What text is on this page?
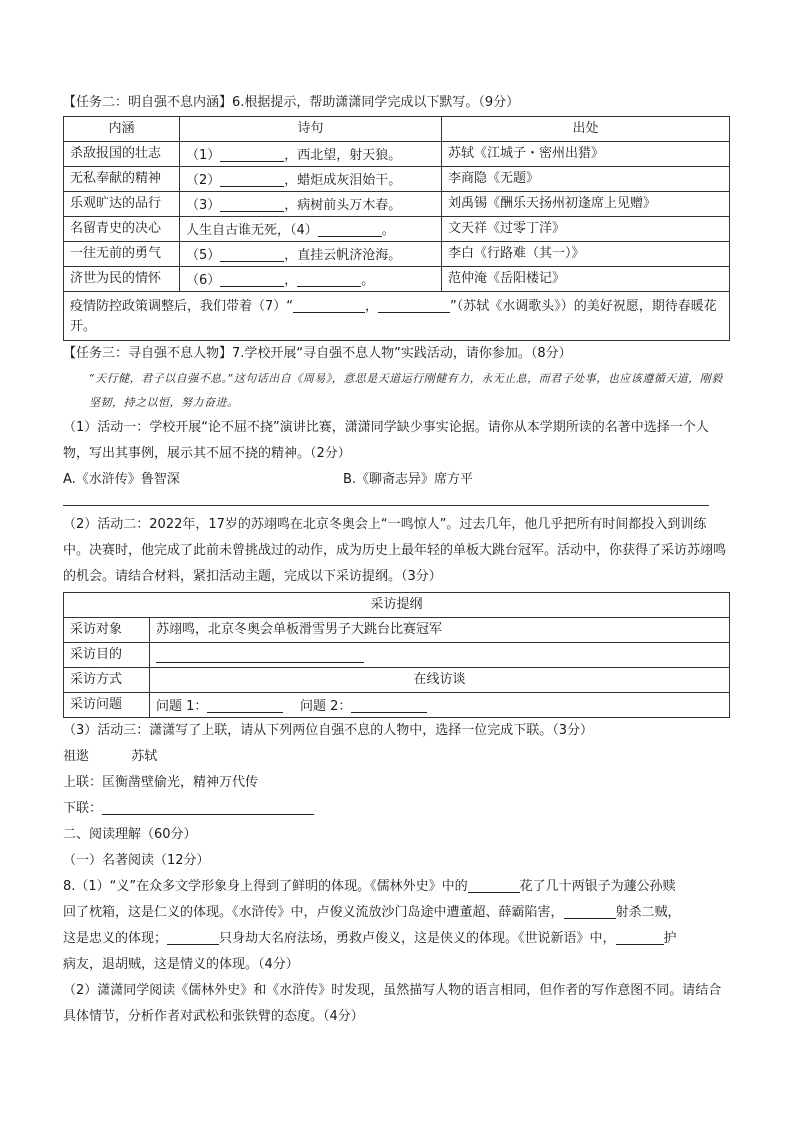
【任务二：明自强不息内涵】6.根据提示，帮助潇潇同学完成以下默写。（9分）
内涵	诗句	出处
杀敌报国的壮志	（1） ，西北望，射天狼。	苏轼《江城子・密州出猎》
无私奉献的精神	（2） ，蜡炬成灰泪始干。	李商隐《无题》
乐观旷达的品行	（3） ，病树前头万木春。	刘禹锡《酬乐天扬州初逢席上见赠》
名留青史的决心	人生自古谁无死，（4） 。	文天祥《过零丁洋》
一往无前的勇气	（5） ，直挂云帆济沧海。	李白《行路难（其一）》
济世为民的情怀	（6） ， 。	范仲淹《岳阳楼记》
疫情防控政策调整后，我们带着（7）“ ， ”（苏轼《水调歌头》）的美好祝愿，期待春暖花开。		
【任务三：寻自强不息人物】7.学校开展“寻自强不息人物”实践活动，请你参加。（8分）
“天行健，君子以自强不息。”这句话出自《周易》，意思是天道运行刚健有力，永无止息，而君子处事，也应该遵循天道，刚毅坚韧，持之以恒，努力奋进。
（1）活动一：学校开展“论不屈不挠”演讲比赛，潇潇同学缺少事实论据。请你从本学期所读的名著中选择一个人物，写出其事例，展示其不屈不挠的精神。（2分）
A.《水浒传》鲁智深	B.《聊斋志异》席方平
（2）活动二：2022年，17岁的苏翊鸣在北京冬奥会上“一鸣惊人”。过去几年，他几乎把所有时间都投入到训练中。决赛时，他完成了此前未曾挑战过的动作，成为历史上最年轻的单板大跳台冠军。活动中，你获得了采访苏翊鸣的机会。请结合材料，紧扣活动主题，完成以下采访提纲。（3分）
采访提纲	
采访对象	苏翊鸣，北京冬奥会单板滑雪男子大跳台比赛冠军
采访目的	
采访方式	在线访谈
采访问题	问题 1： 问题 2：
（3）活动三：潇潇写了上联，请从下列两位自强不息的人物中，选择一位完成下联。（3分）
祖逖	苏轼
上联：匡衡凿壁偷光，精神万代传
下联：
二、阅读理解（60分）
（一）名著阅读（12分）
8.（1）“义”在众多文学形象身上得到了鲜明的体现。《儒林外史》中的	花了几十两银子为蘧公孙赎
回了枕箱，这是仁义的体现。《水浒传》中，卢俊义流放沙门岛途中遭董超、薛霸陷害，	射杀二贼，
这是忠义的体现；	只身劫大名府法场，勇救卢俊义，这是侠义的体现。《世说新语》中，	护
病友，退胡贼，这是情义的体现。（4分）
（2）潇潇同学阅读《儒林外史》和《水浒传》时发现，虽然描写人物的语言相同，但作者的写作意图不同。请结合具体情节，分析作者对武松和张铁臂的态度。（4分）
